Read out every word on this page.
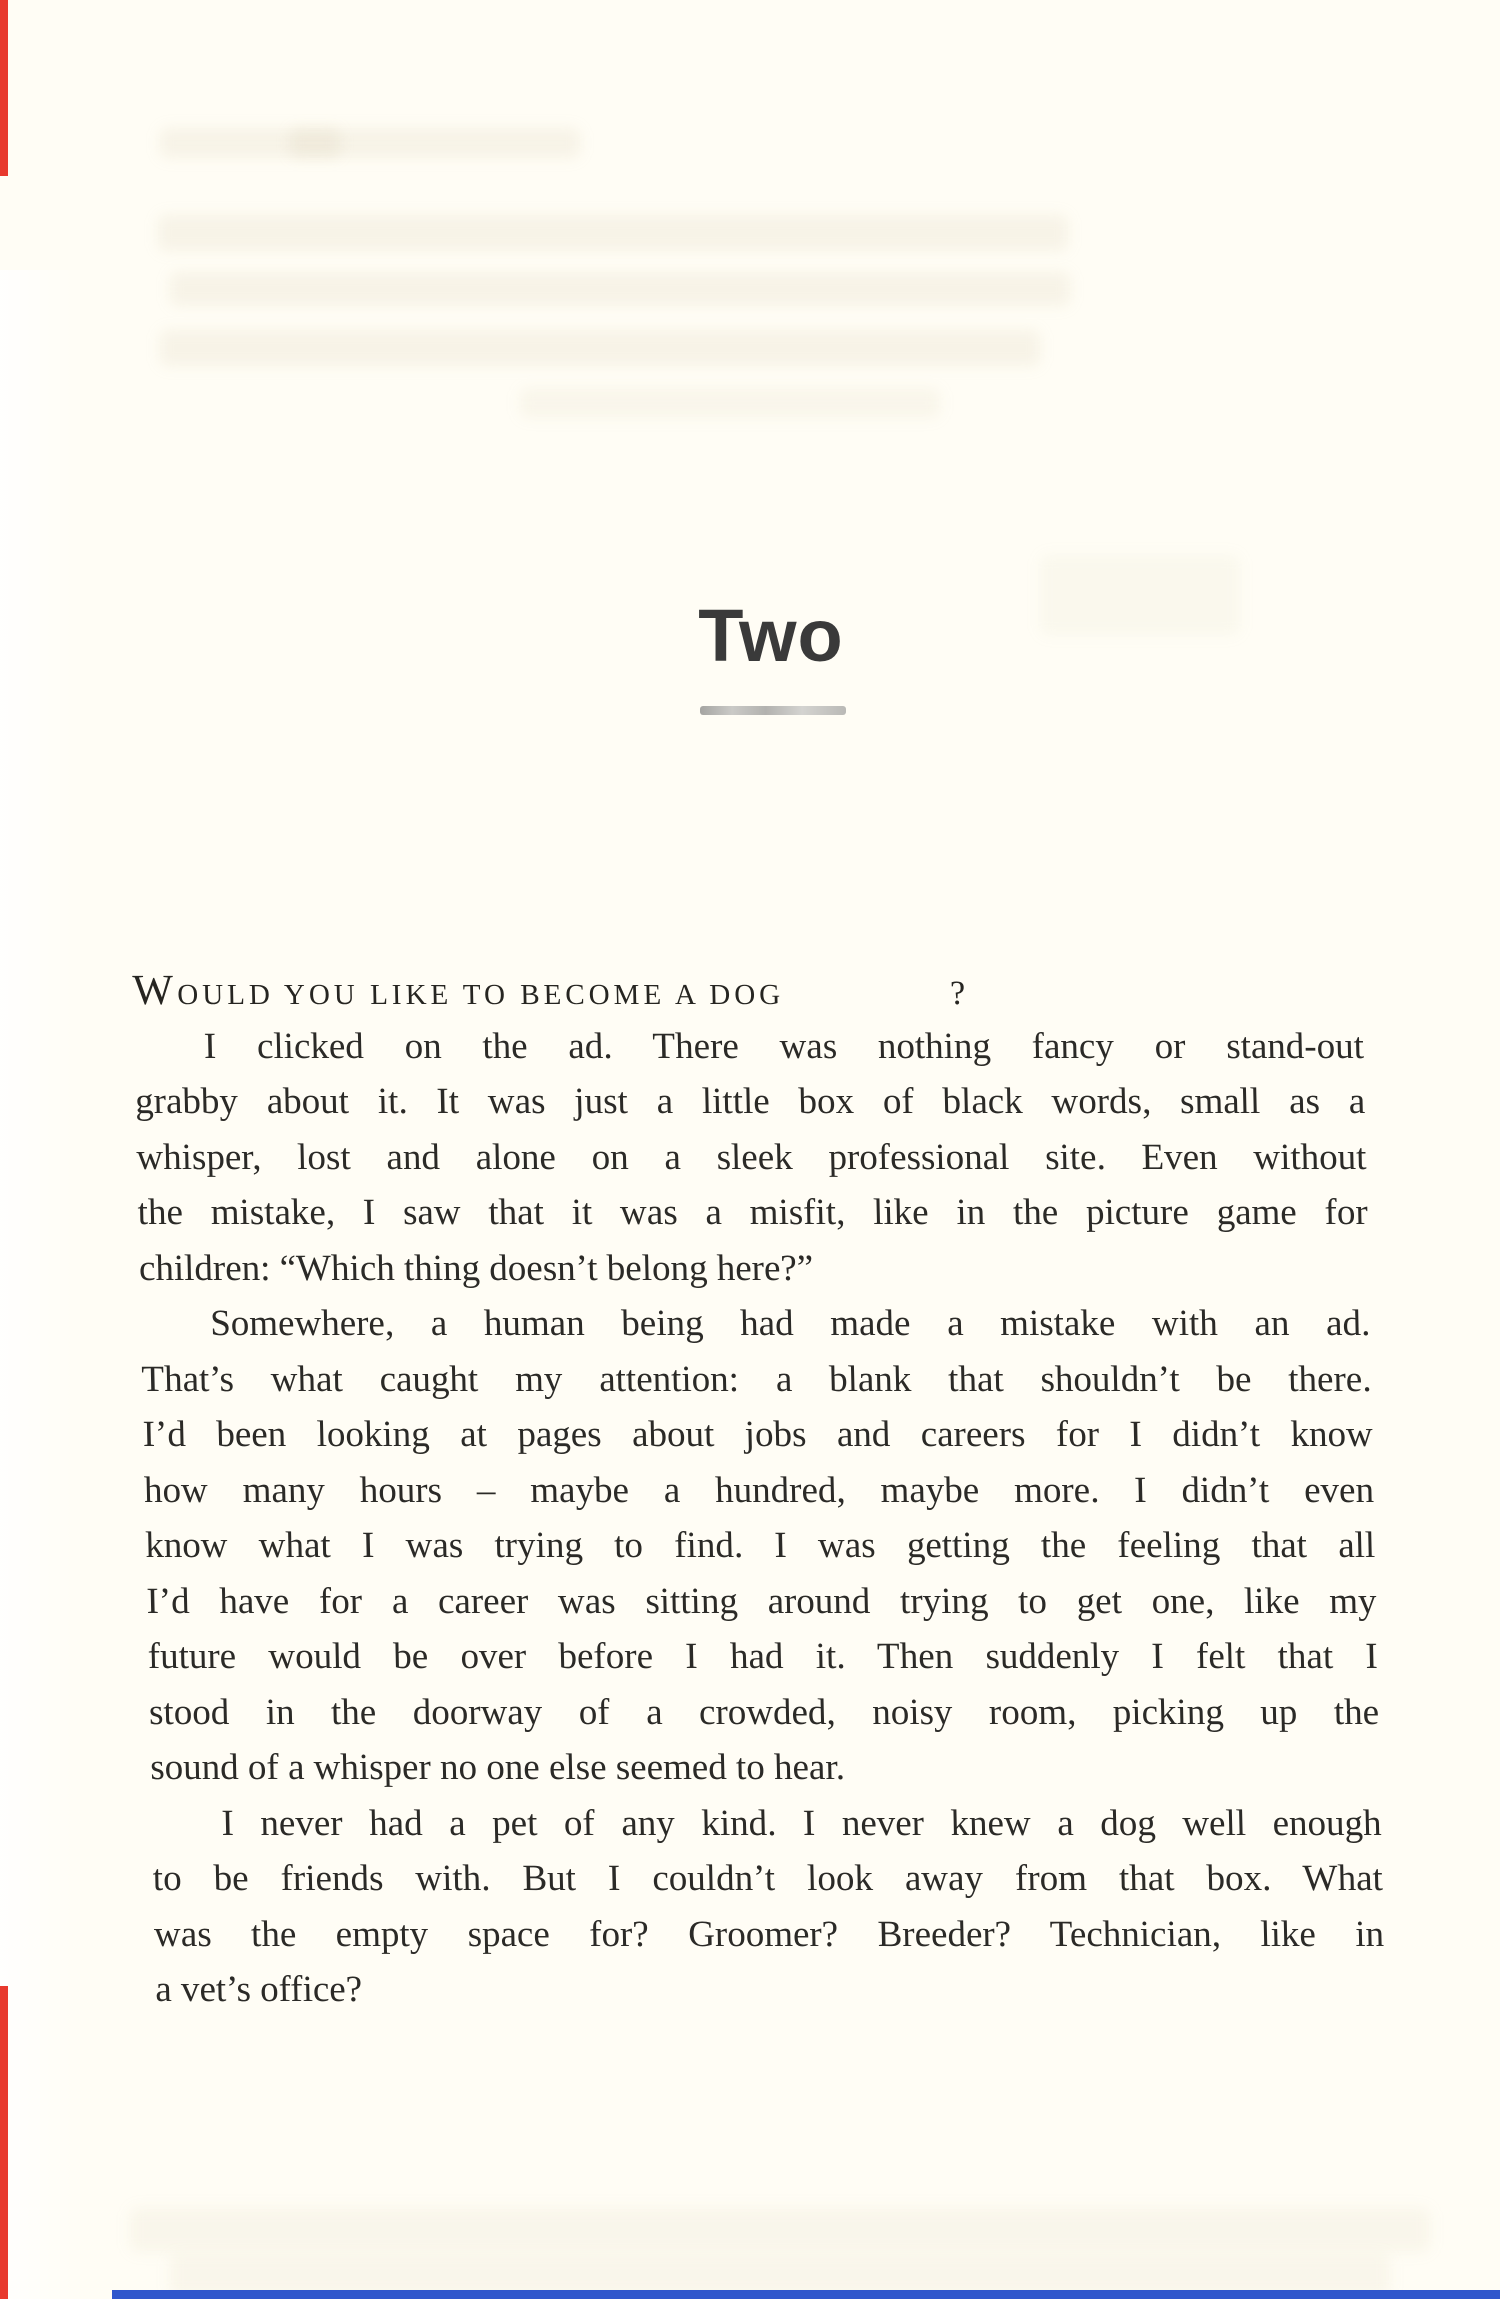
Two

WOULD YOU LIKE TO BECOME A DOG	?

I clicked on the ad. There was nothing fancy or stand-out
grabby about it. It was just a little box of black words, small as a
whisper, lost and alone on a sleek professional site. Even without
the mistake, I saw that it was a misfit, like in the picture game for
children: “Which thing doesn’t belong here?”
Somewhere, a human being had made a mistake with an ad.
That’s what caught my attention: a blank that shouldn’t be there.
I’d been looking at pages about jobs and careers for I didn’t know
how many hours – maybe a hundred, maybe more. I didn’t even
know what I was trying to find. I was getting the feeling that all
I’d have for a career was sitting around trying to get one, like my
future would be over before I had it. Then suddenly I felt that I
stood in the doorway of a crowded, noisy room, picking up the
sound of a whisper no one else seemed to hear.
I never had a pet of any kind. I never knew a dog well enough
to be friends with. But I couldn’t look away from that box. What
was the empty space for? Groomer? Breeder? Technician, like in
a vet’s office?
